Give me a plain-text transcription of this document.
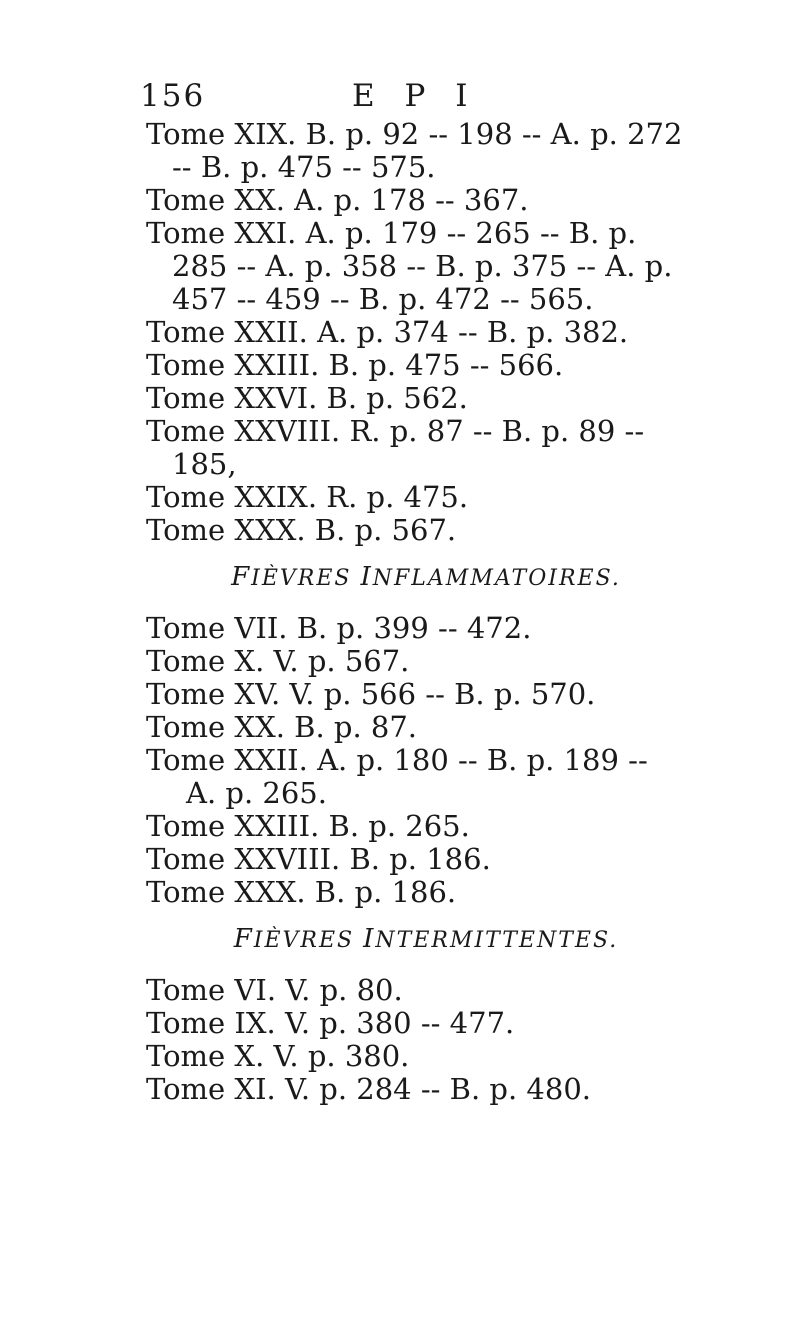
156	E P I
Tome XIX. B. p. 92 -- 198 -- A. p. 272
-- B. p. 475 -- 575.
Tome XX. A. p. 178 -- 367.
Tome XXI. A. p. 179 -- 265 -- B. p.
285 -- A. p. 358 -- B. p. 375 -- A. p.
457 -- 459 -- B. p. 472 -- 565.
Tome XXII. A. p. 374 -- B. p. 382.
Tome XXIII. B. p. 475 -- 566.
Tome XXVI. B. p. 562.
Tome XXVIII. R. p. 87 -- B. p. 89 --
185,
Tome XXIX. R. p. 475.
Tome XXX. B. p. 567.
FIÈVRES INFLAMMATOIRES.
Tome VII. B. p. 399 -- 472.
Tome X. V. p. 567.
Tome XV. V. p. 566 -- B. p. 570.
Tome XX. B. p. 87.
Tome XXII. A. p. 180 -- B. p. 189 --
A. p. 265.
Tome XXIII. B. p. 265.
Tome XXVIII. B. p. 186.
Tome XXX. B. p. 186.
FIÈVRES INTERMITTENTES.
Tome VI. V. p. 80.
Tome IX. V. p. 380 -- 477.
Tome X. V. p. 380.
Tome XI. V. p. 284 -- B. p. 480.
